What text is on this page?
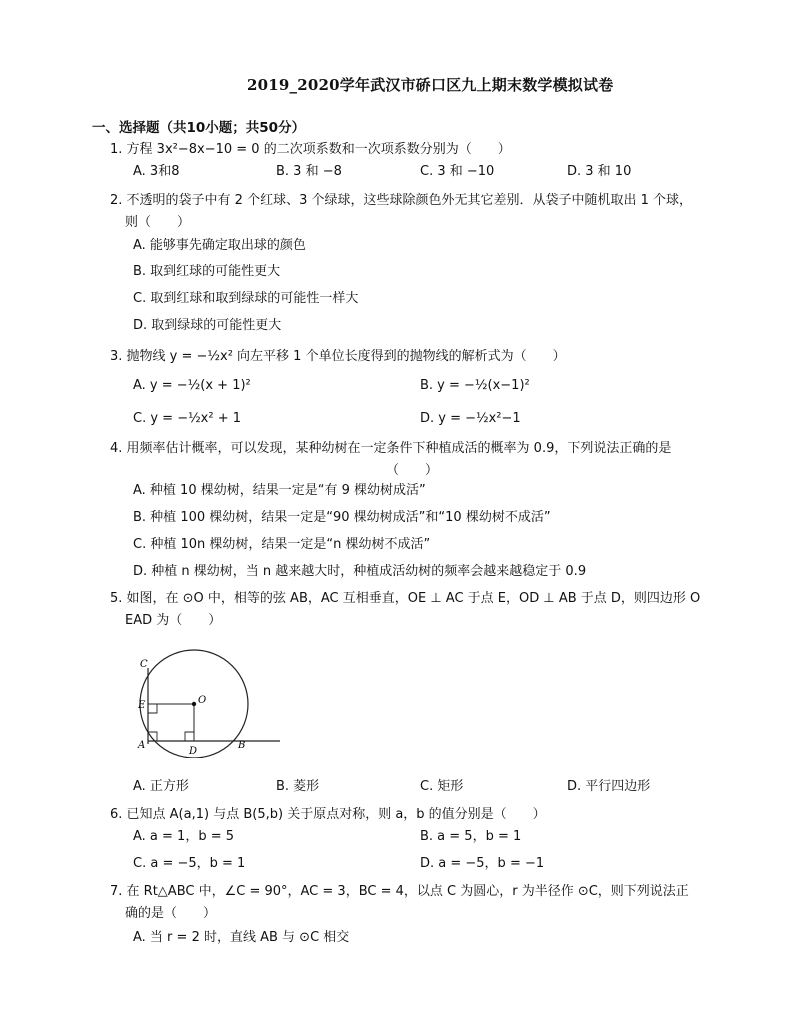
2019_2020学年武汉市硚口区九上期末数学模拟试卷
一、选择题（共10小题；共50分）
1. 方程 3x²−8x−10 = 0 的二次项系数和一次项系数分别为（　　）
A. 3和8	B. 3 和 −8	C. 3 和 −10	D. 3 和 10
2. 不透明的袋子中有 2 个红球、3 个绿球，这些球除颜色外无其它差别．从袋子中随机取出 1 个球，
则（　　）
A. 能够事先确定取出球的颜色
B. 取到红球的可能性更大
C. 取到红球和取到绿球的可能性一样大
D. 取到绿球的可能性更大
3. 抛物线 y = −½x² 向左平移 1 个单位长度得到的抛物线的解析式为（　　）
A. y = −½(x + 1)²	B. y = −½(x−1)²
C. y = −½x² + 1	D. y = −½x²−1
4. 用频率估计概率，可以发现，某种幼树在一定条件下种植成活的概率为 0.9，下列说法正确的是
（　　）
A. 种植 10 棵幼树，结果一定是“有 9 棵幼树成活”
B. 种植 100 棵幼树，结果一定是“90 棵幼树成活”和“10 棵幼树不成活”
C. 种植 10n 棵幼树，结果一定是“n 棵幼树不成活”
D. 种植 n 棵幼树，当 n 越来越大时，种植成活幼树的频率会越来越稳定于 0.9
5. 如图，在 ⊙O 中，相等的弦 AB，AC 互相垂直，OE ⊥ AC 于点 E，OD ⊥ AB 于点 D，则四边形 O
EAD 为（　　）
C
E	O
A
D
B
A. 正方形	B. 菱形	C. 矩形	D. 平行四边形
6. 已知点 A(a,1) 与点 B(5,b) 关于原点对称，则 a，b 的值分别是（　　）
A. a = 1，b = 5	B. a = 5，b = 1
C. a = −5，b = 1	D. a = −5，b = −1
7. 在 Rt△ABC 中，∠C = 90°，AC = 3，BC = 4，以点 C 为圆心，r 为半径作 ⊙C，则下列说法正
确的是（　　）
A. 当 r = 2 时，直线 AB 与 ⊙C 相交
